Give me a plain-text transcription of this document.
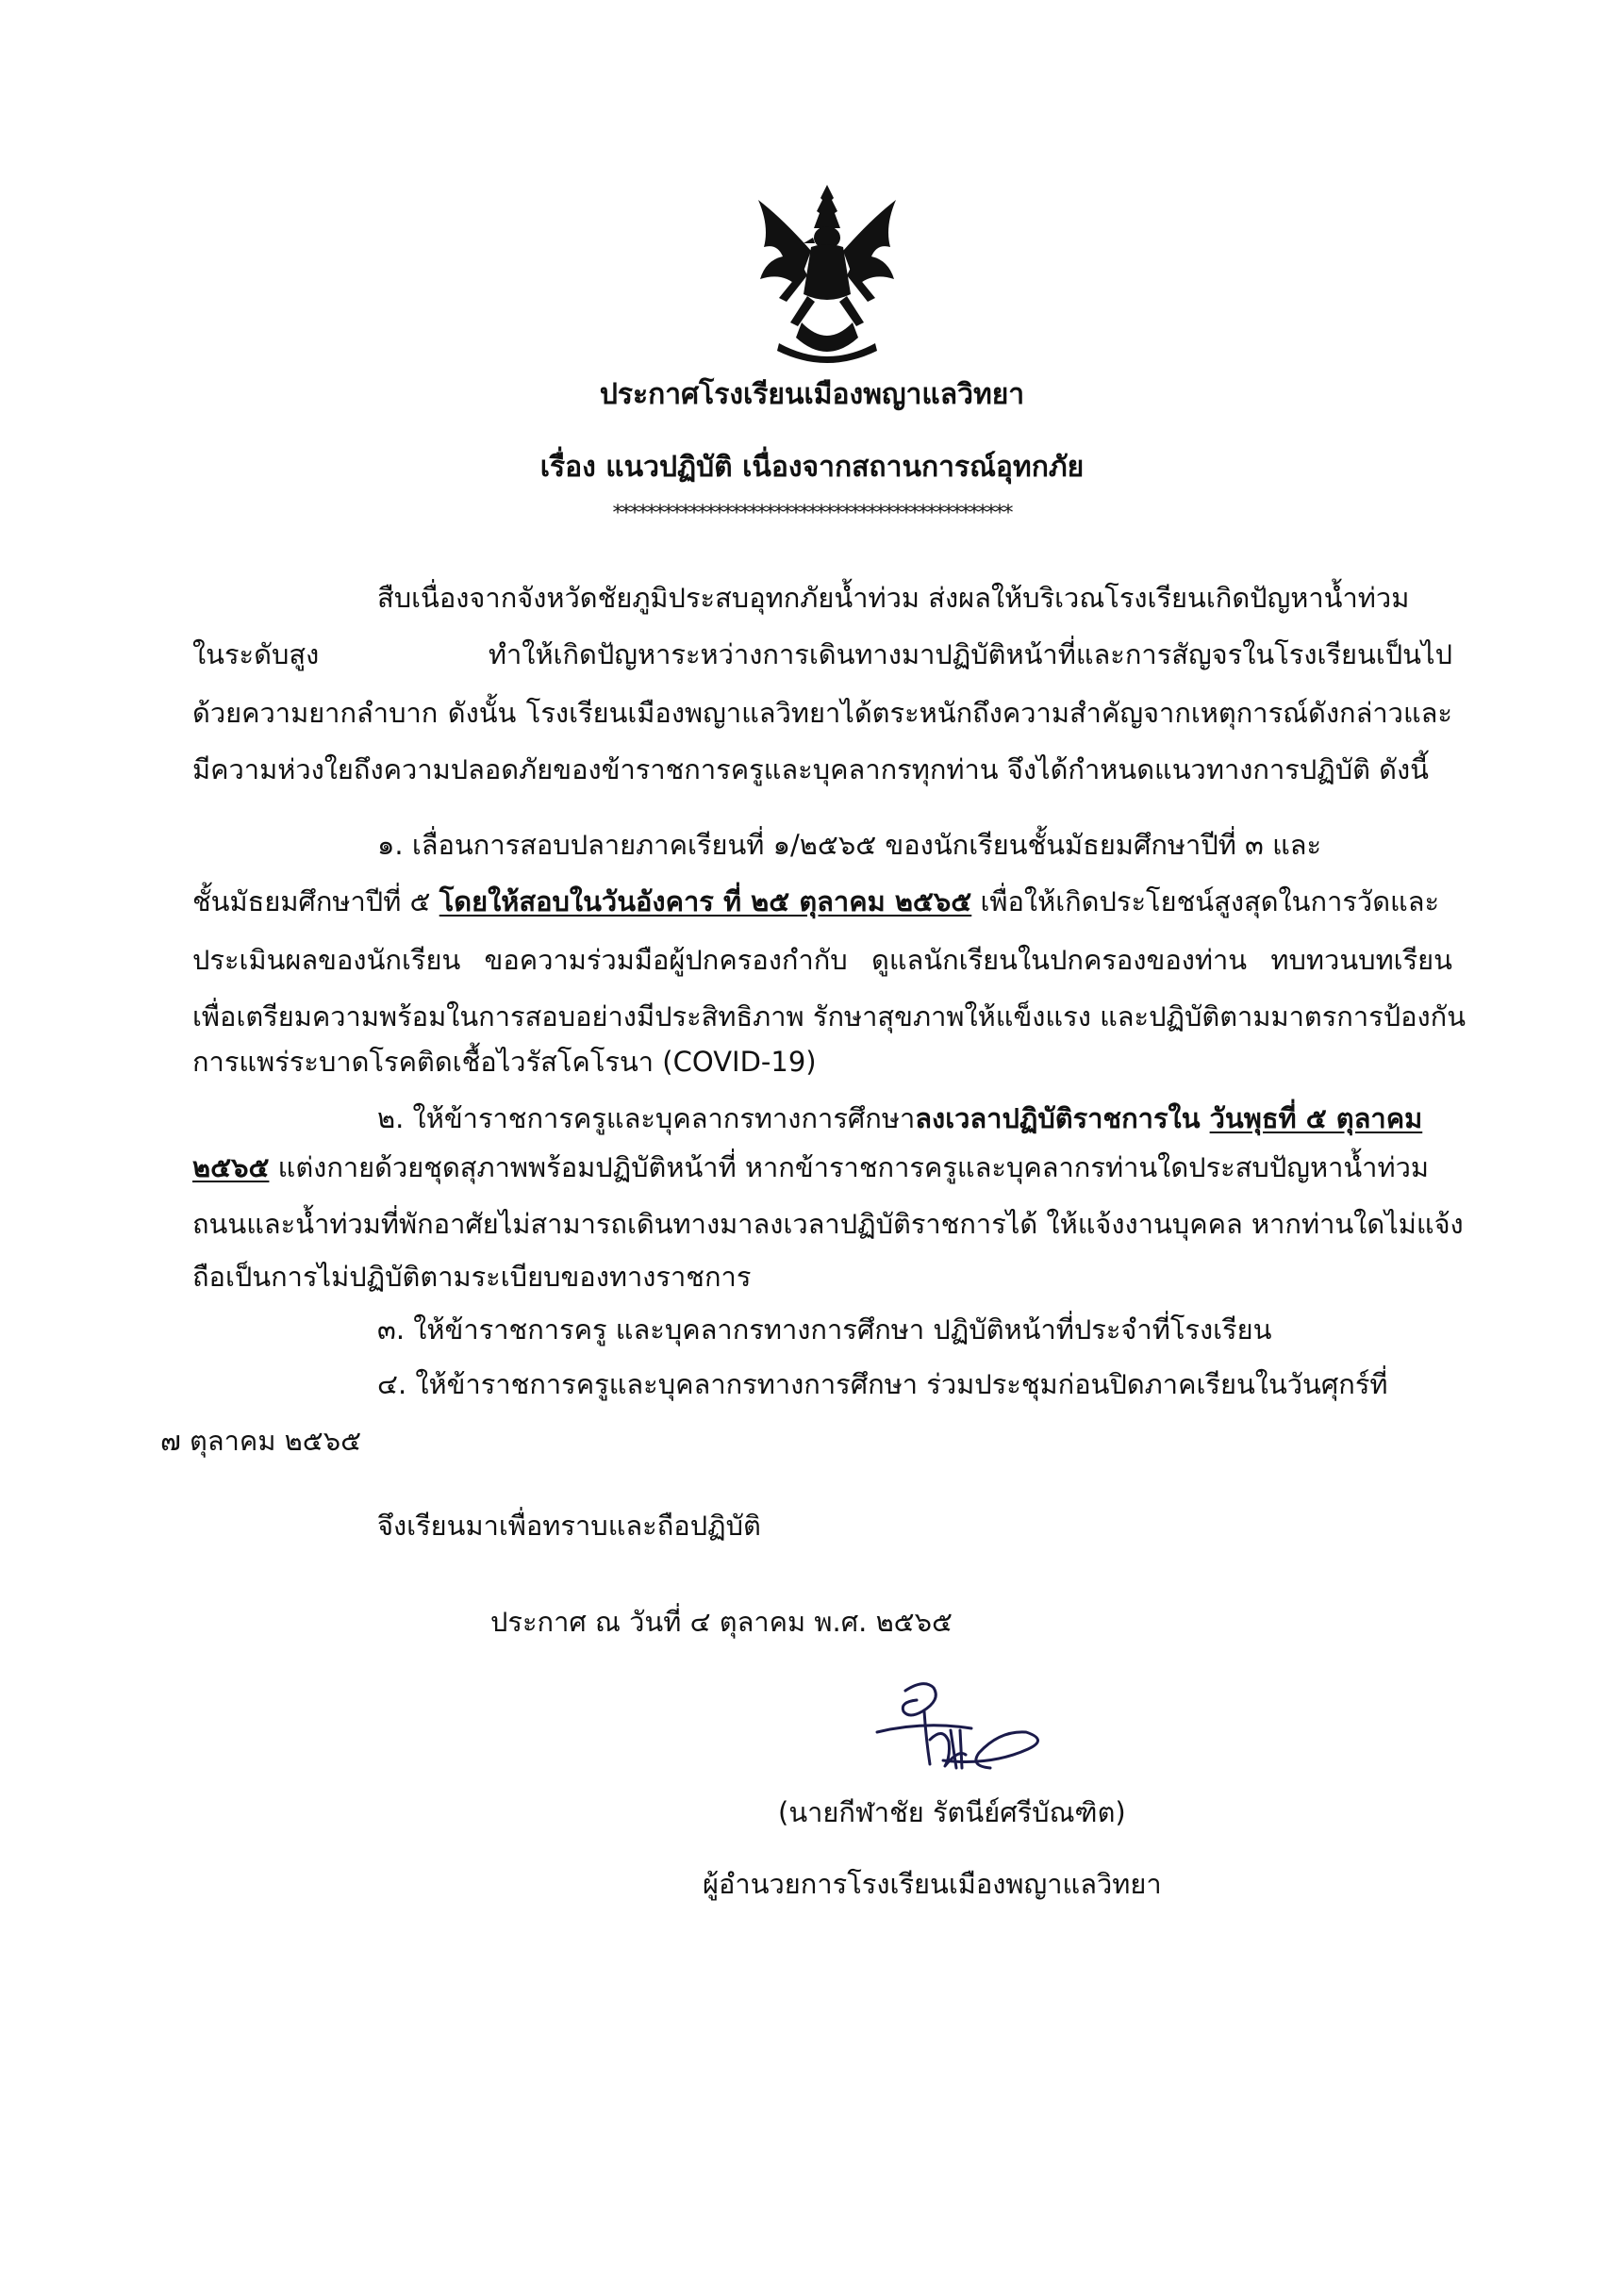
ประกาศโรงเรียนเมืองพญาแลวิทยา
เรื่อง แนวปฏิบัติ เนื่องจากสถานการณ์อุทกภัย
***********************************************
สืบเนื่องจากจังหวัดชัยภูมิประสบอุทกภัยน้ำท่วม ส่งผลให้บริเวณโรงเรียนเกิดปัญหาน้ำท่วม
ในระดับสูง ทำให้เกิดปัญหาระหว่างการเดินทางมาปฏิบัติหน้าที่และการสัญจรในโรงเรียนเป็นไป
ด้วยความยากลำบาก ดังนั้น โรงเรียนเมืองพญาแลวิทยาได้ตระหนักถึงความสำคัญจากเหตุการณ์ดังกล่าวและ
มีความห่วงใยถึงความปลอดภัยของข้าราชการครูและบุคลากรทุกท่าน จึงได้กำหนดแนวทางการปฏิบัติ ดังนี้
๑. เลื่อนการสอบปลายภาคเรียนที่ ๑/๒๕๖๕ ของนักเรียนชั้นมัธยมศึกษาปีที่ ๓ และ
ชั้นมัธยมศึกษาปีที่ ๕ โดยให้สอบในวันอังคาร ที่ ๒๕ ตุลาคม ๒๕๖๕ เพื่อให้เกิดประโยชน์สูงสุดในการวัดและ
ประเมินผลของนักเรียน ขอความร่วมมือผู้ปกครองกำกับ ดูแลนักเรียนในปกครองของท่าน ทบทวนบทเรียน
เพื่อเตรียมความพร้อมในการสอบอย่างมีประสิทธิภาพ รักษาสุขภาพให้แข็งแรง และปฏิบัติตามมาตรการป้องกัน
การแพร่ระบาดโรคติดเชื้อไวรัสโคโรนา (COVID-19)
๒. ให้ข้าราชการครูและบุคลากรทางการศึกษาลงเวลาปฏิบัติราชการใน วันพุธที่ ๕ ตุลาคม
๒๕๖๕ แต่งกายด้วยชุดสุภาพพร้อมปฏิบัติหน้าที่ หากข้าราชการครูและบุคลากรท่านใดประสบปัญหาน้ำท่วม
ถนนและน้ำท่วมที่พักอาศัยไม่สามารถเดินทางมาลงเวลาปฏิบัติราชการได้ ให้แจ้งงานบุคคล หากท่านใดไม่แจ้ง
ถือเป็นการไม่ปฏิบัติตามระเบียบของทางราชการ
๓. ให้ข้าราชการครู และบุคลากรทางการศึกษา ปฏิบัติหน้าที่ประจำที่โรงเรียน
๔. ให้ข้าราชการครูและบุคลากรทางการศึกษา ร่วมประชุมก่อนปิดภาคเรียนในวันศุกร์ที่
๗ ตุลาคม ๒๕๖๕
จึงเรียนมาเพื่อทราบและถือปฏิบัติ
ประกาศ ณ วันที่ ๔ ตุลาคม พ.ศ. ๒๕๖๕
(นายกีฬาชัย รัตนีย์ศรีบัณฑิต)
ผู้อำนวยการโรงเรียนเมืองพญาแลวิทยา
